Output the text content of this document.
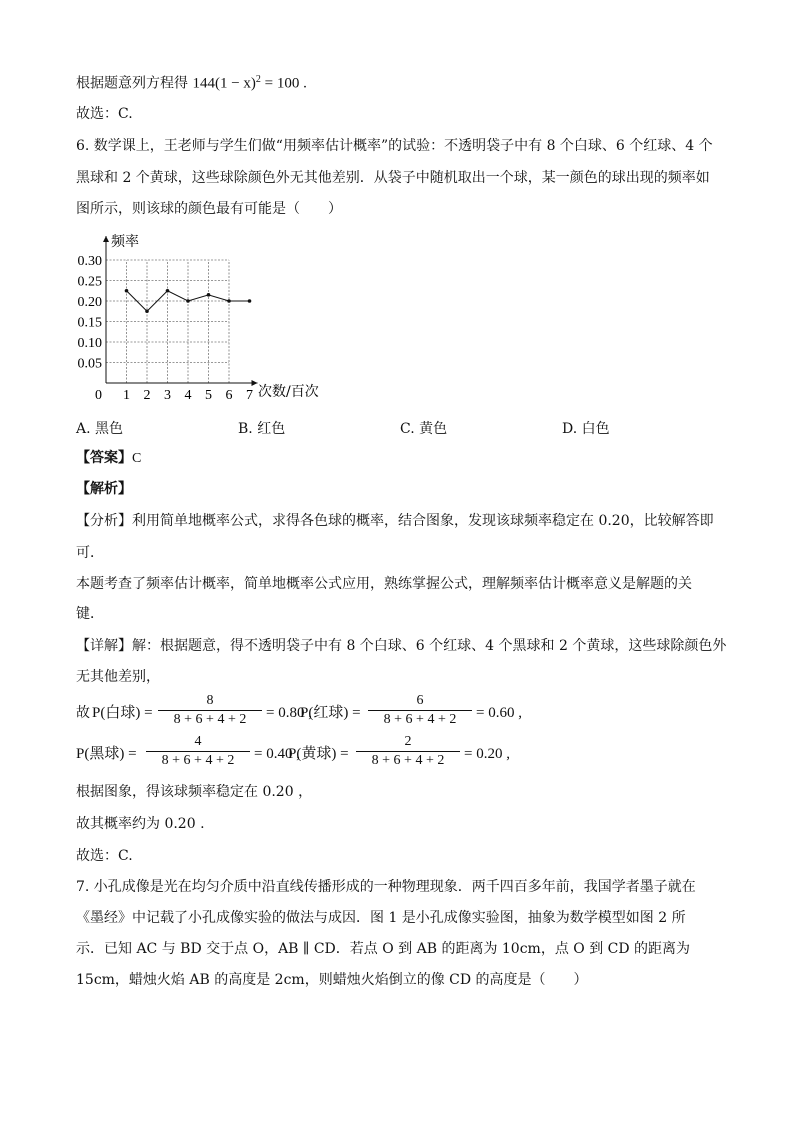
根据题意列方程得 $144(1 - x)^2 = 100$ .
故选：C.
6. 数学课上，王老师与学生们做“用频率估计概率”的试验：不透明袋子中有 8 个白球、6 个红球、4 个
黑球和 2 个黄球，这些球除颜色外无其他差别．从袋子中随机取出一个球，某一颜色的球出现的频率如
图所示，则该球的颜色最有可能是（　　）
0.30
0.25
0.20
0.15
0.10
0.05
0 1 2 3 4 5 6 7
频率
次数/百次
A. 黑色	B. 红色	C. 黄色	D. 白色
【答案】C
【解析】
【分析】利用简单地概率公式，求得各色球的概率，结合图象，发现该球频率稳定在 0.20，比较解答即
可．
本题考查了频率估计概率，简单地概率公式应用，熟练掌握公式，理解频率估计概率意义是解题的关
键．
【详解】解：根据题意，得不透明袋子中有 8 个白球、6 个红球、4 个黑球和 2 个黄球，这些球除颜色外
无其他差别，
故 P(白球) =
8
8 + 6 + 4 + 2	= 0.80 ,
P(红球) =
6
8 + 6 + 4 + 2	= 0.60 ,
P(黑球) =
4
8 + 6 + 4 + 2	= 0.40 ,
P(黄球) =
2
8 + 6 + 4 + 2	= 0.20 ,
根据图象，得该球频率稳定在 0.20 ，
故其概率约为 0.20 .
故选：C.
7. 小孔成像是光在均匀介质中沿直线传播形成的一种物理现象．两千四百多年前，我国学者墨子就在
《墨经》中记载了小孔成像实验的做法与成因．图 1 是小孔成像实验图，抽象为数学模型如图 2 所
示．已知 AC 与 BD 交于点 O，AB ∥ CD．若点 O 到 AB 的距离为 10cm，点 O 到 CD 的距离为
15cm，蜡烛火焰 AB 的高度是 2cm，则蜡烛火焰倒立的像 CD 的高度是（　　）
